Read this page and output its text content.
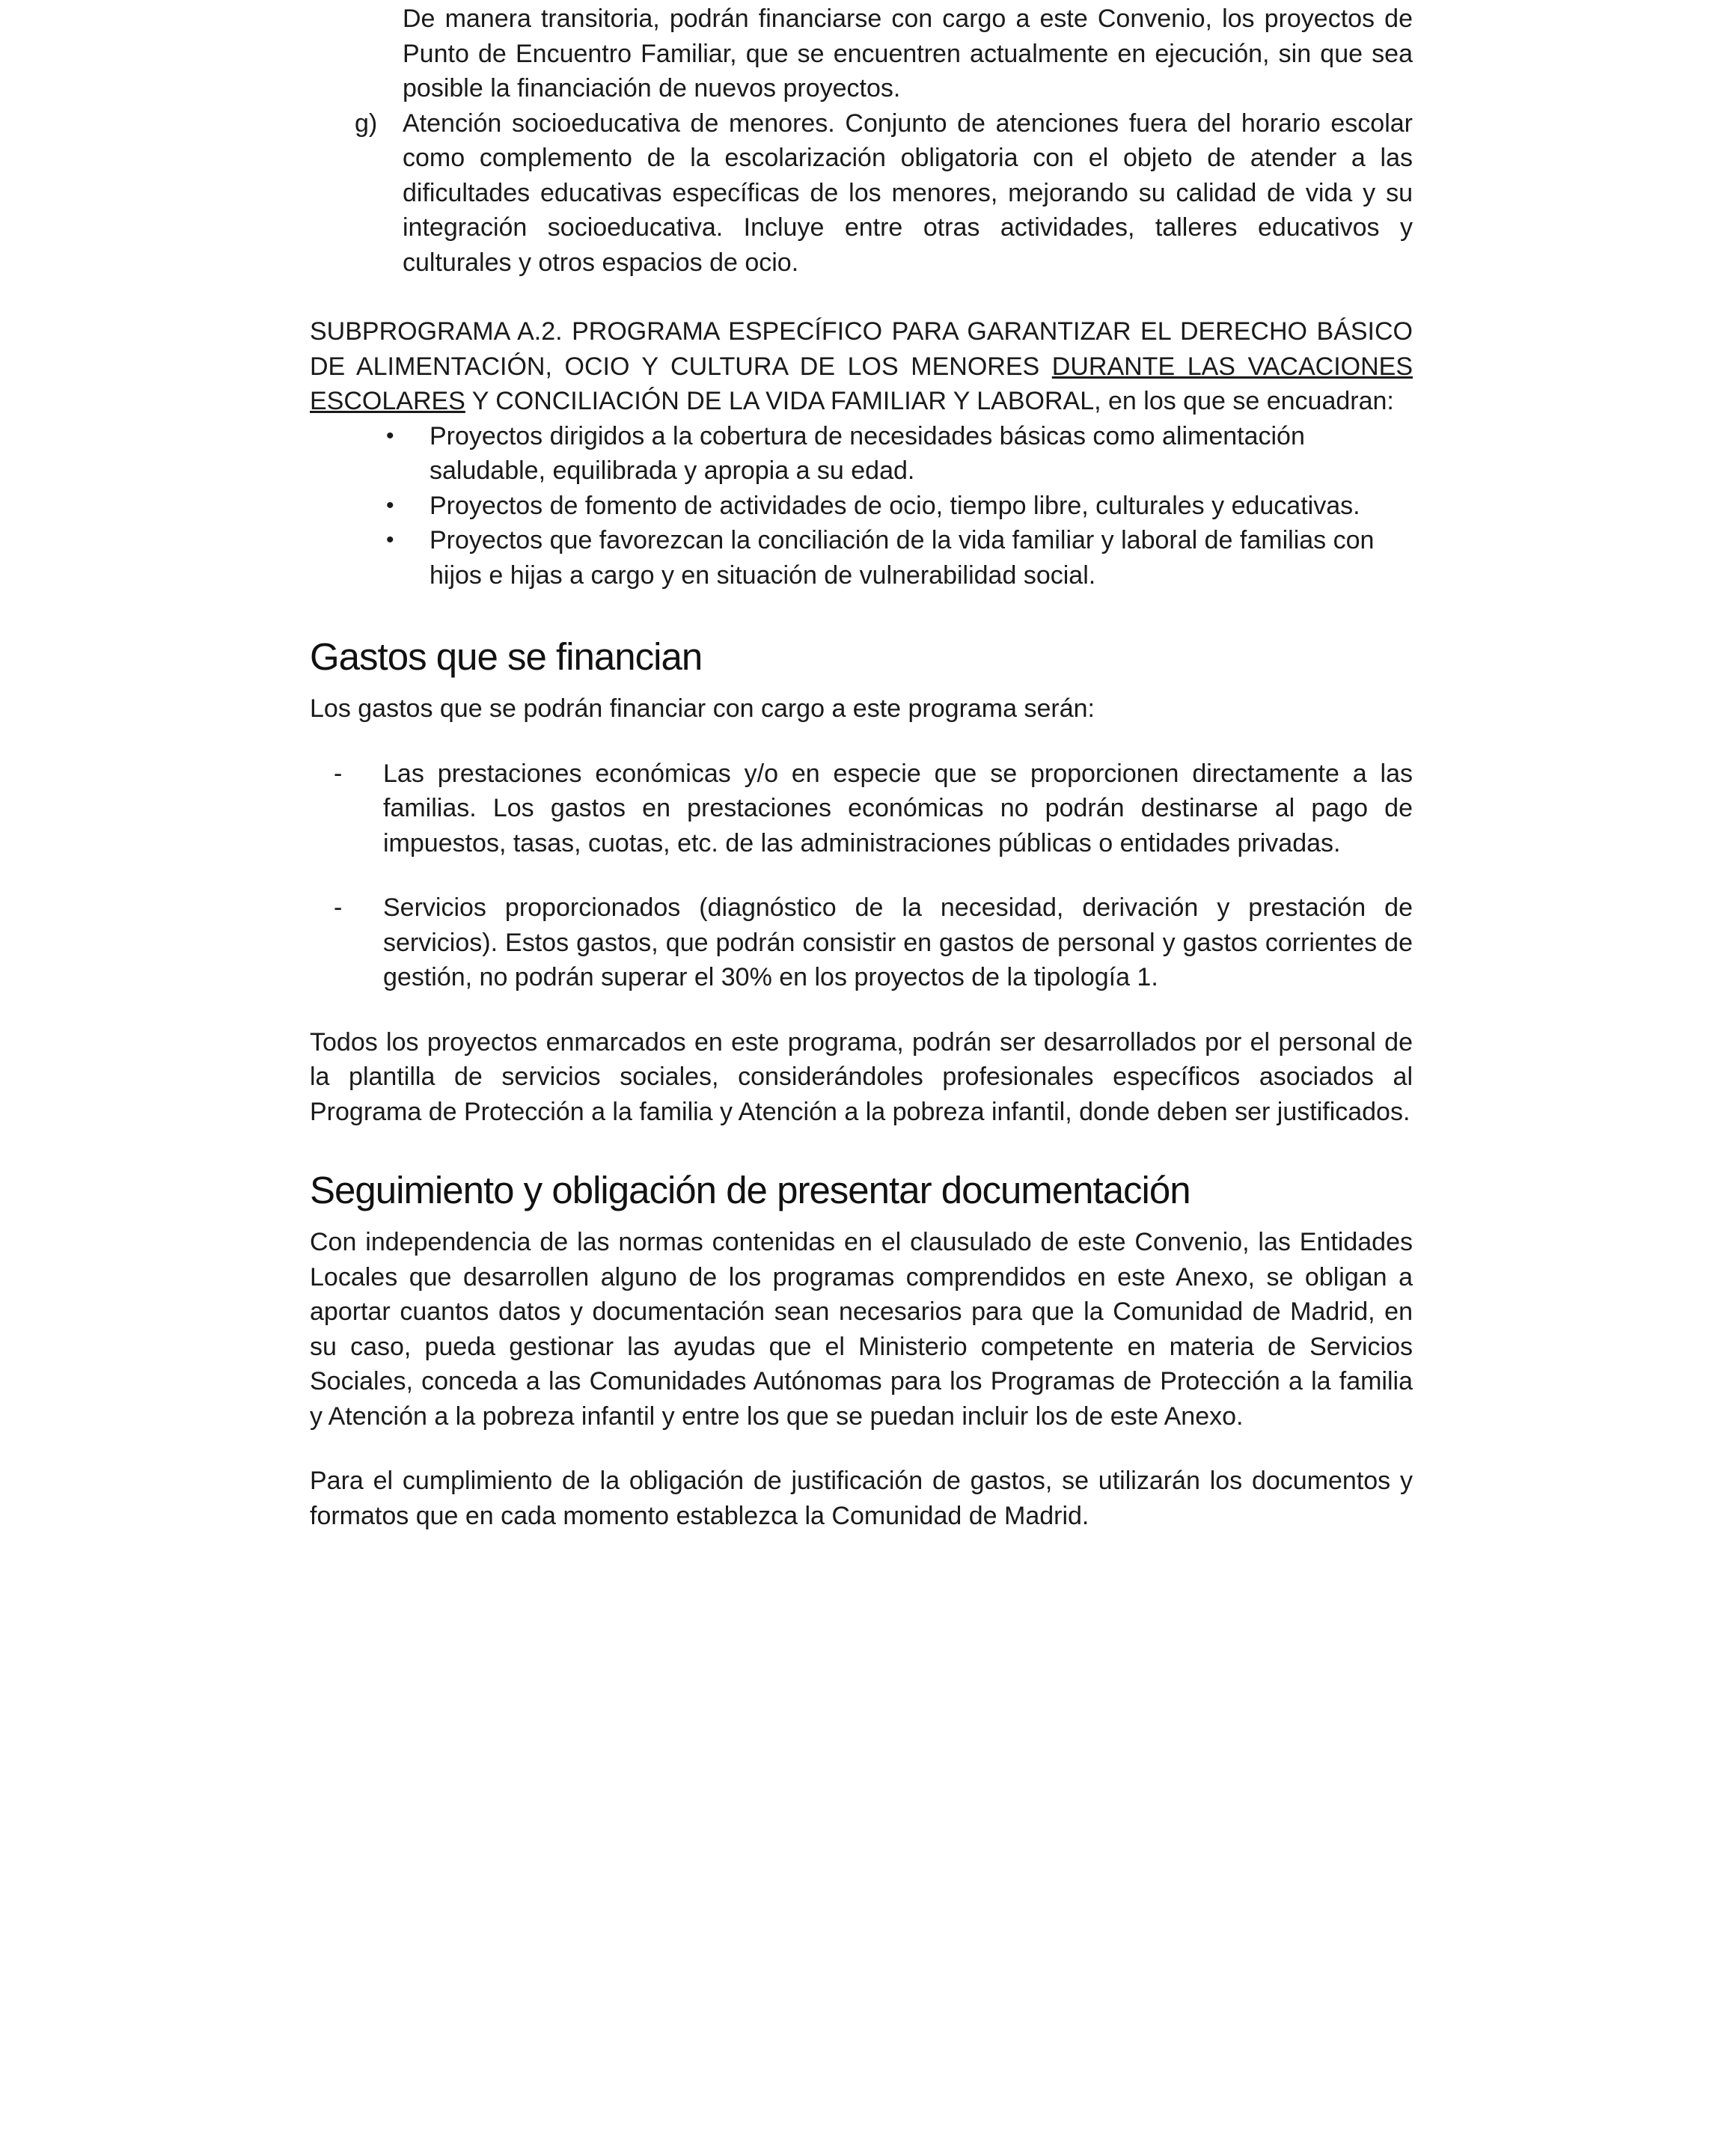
De manera transitoria, podrán financiarse con cargo a este Convenio, los proyectos de Punto de Encuentro Familiar, que se encuentren actualmente en ejecución, sin que sea posible la financiación de nuevos proyectos.

g) Atención socioeducativa de menores. Conjunto de atenciones fuera del horario escolar como complemento de la escolarización obligatoria con el objeto de atender a las dificultades educativas específicas de los menores, mejorando su calidad de vida y su integración socioeducativa. Incluye entre otras actividades, talleres educativos y culturales y otros espacios de ocio.

SUBPROGRAMA A.2. PROGRAMA ESPECÍFICO PARA GARANTIZAR EL DERECHO BÁSICO DE ALIMENTACIÓN, OCIO Y CULTURA DE LOS MENORES DURANTE LAS VACACIONES ESCOLARES Y CONCILIACIÓN DE LA VIDA FAMILIAR Y LABORAL, en los que se encuadran:

• Proyectos dirigidos a la cobertura de necesidades básicas como alimentación saludable, equilibrada y apropia a su edad.
• Proyectos de fomento de actividades de ocio, tiempo libre, culturales y educativas.
• Proyectos que favorezcan la conciliación de la vida familiar y laboral de familias con hijos e hijas a cargo y en situación de vulnerabilidad social.
Gastos que se financian

Los gastos que se podrán financiar con cargo a este programa serán:

- Las prestaciones económicas y/o en especie que se proporcionen directamente a las familias. Los gastos en prestaciones económicas no podrán destinarse al pago de impuestos, tasas, cuotas, etc. de las administraciones públicas o entidades privadas.
- Servicios proporcionados (diagnóstico de la necesidad, derivación y prestación de servicios). Estos gastos, que podrán consistir en gastos de personal y gastos corrientes de gestión, no podrán superar el 30% en los proyectos de la tipología 1.

Todos los proyectos enmarcados en este programa, podrán ser desarrollados por el personal de la plantilla de servicios sociales, considerándoles profesionales específicos asociados al Programa de Protección a la familia y Atención a la pobreza infantil, donde deben ser justificados.

Seguimiento y obligación de presentar documentación

Con independencia de las normas contenidas en el clausulado de este Convenio, las Entidades Locales que desarrollen alguno de los programas comprendidos en este Anexo, se obligan a aportar cuantos datos y documentación sean necesarios para que la Comunidad de Madrid, en su caso, pueda gestionar las ayudas que el Ministerio competente en materia de Servicios Sociales, conceda a las Comunidades Autónomas para los Programas de Protección a la familia y Atención a la pobreza infantil y entre los que se puedan incluir los de este Anexo.

Para el cumplimiento de la obligación de justificación de gastos, se utilizarán los documentos y formatos que en cada momento establezca la Comunidad de Madrid.
